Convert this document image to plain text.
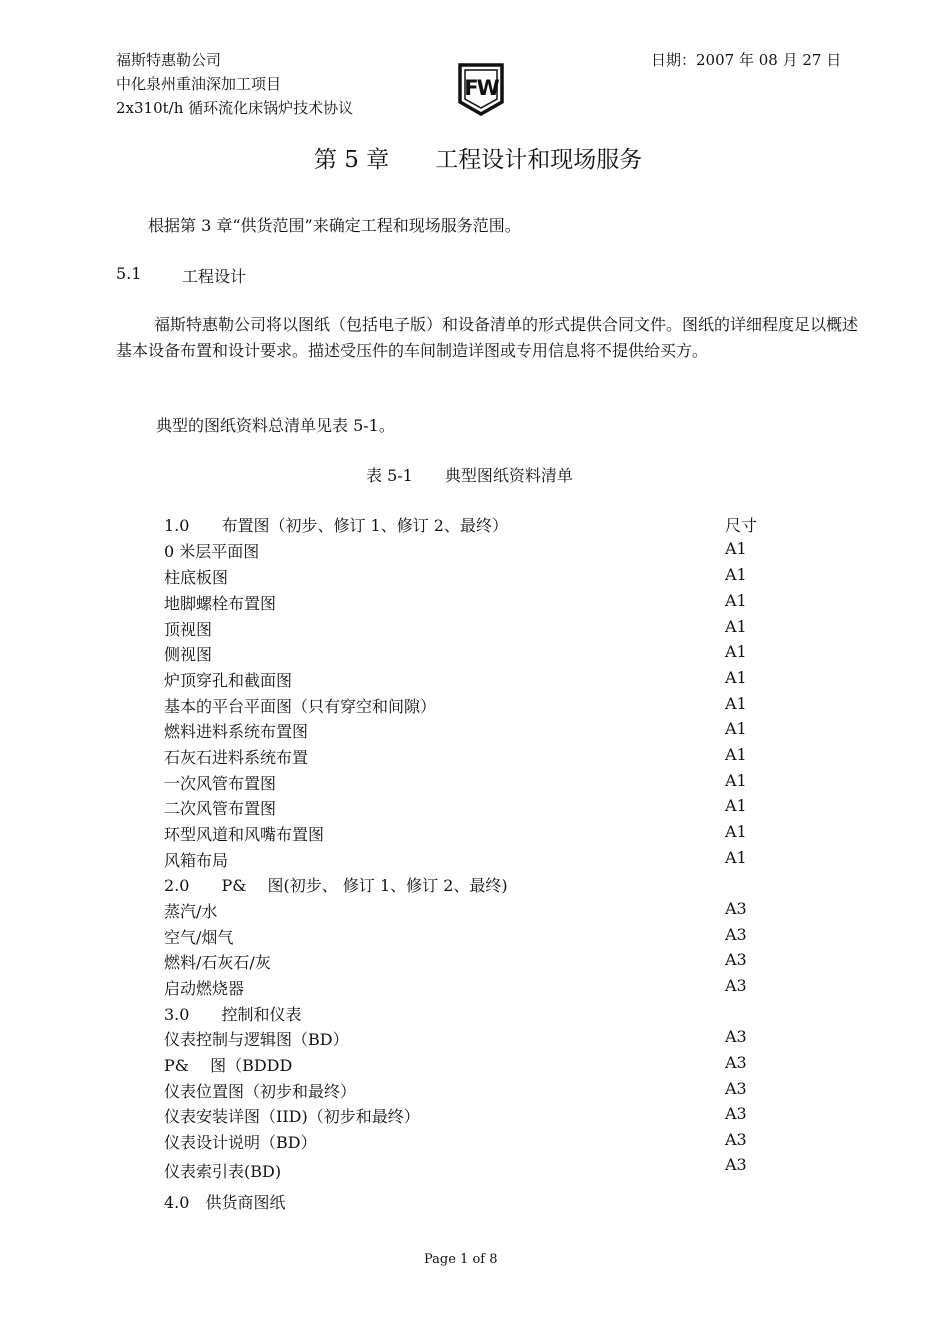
福斯特惠勒公司
中化泉州重油深加工项目
2x310t/h 循环流化床锅炉技术协议
日期：2007 年 08 月 27 日
FW
第 5 章　　工程设计和现场服务
根据第 3 章“供货范围”来确定工程和现场服务范围。
5.1	工程设计
福斯特惠勒公司将以图纸（包括电子版）和设备清单的形式提供合同文件。图纸的详细程度足以概述基本设备布置和设计要求。描述受压件的车间制造详图或专用信息将不提供给买方。
典型的图纸资料总清单见表 5-1。
表 5-1　　典型图纸资料清单
1.0　　布置图（初步、修订 1、修订 2、最终）	尺寸
0 米层平面图	A1
柱底板图	A1
地脚螺栓布置图	A1
顶视图	A1
侧视图	A1
炉顶穿孔和截面图	A1
基本的平台平面图（只有穿空和间隙）	A1
燃料进料系统布置图	A1
石灰石进料系统布置	A1
一次风管布置图	A1
二次风管布置图	A1
环型风道和风嘴布置图	A1
风箱布局	A1
2.0　　P&　 图(初步、 修订 1、修订 2、最终)
蒸汽/水	A3
空气/烟气	A3
燃料/石灰石/灰	A3
启动燃烧器	A3
3.0　　控制和仪表
仪表控制与逻辑图（BD）	A3
P&　 图（BDDD	A3
仪表位置图（初步和最终）	A3
仪表安装详图（IID)（初步和最终）	A3
仪表设计说明（BD）	A3
仪表索引表(BD)	A3
4.0　供货商图纸
Page 1 of 8
